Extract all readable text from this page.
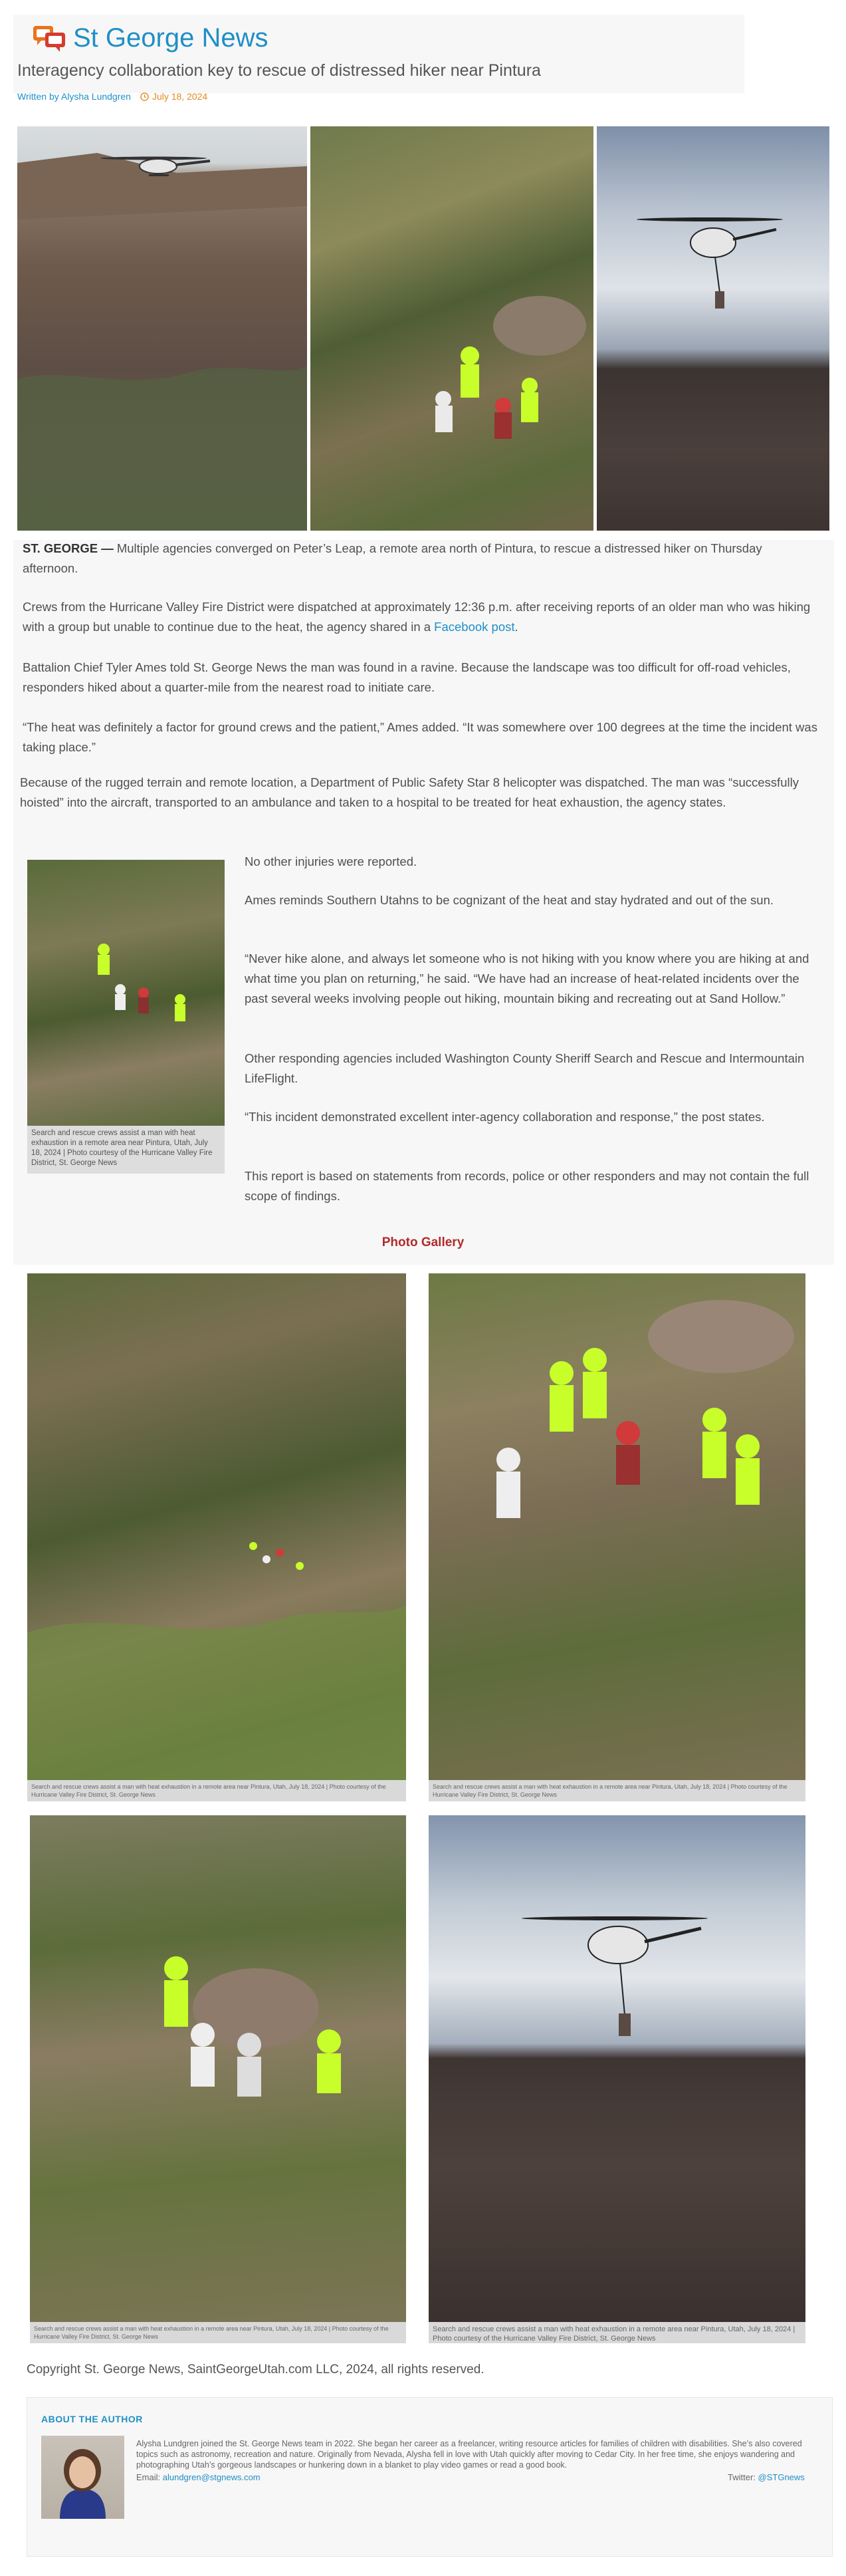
St George News
Interagency collaboration key to rescue of distressed hiker near Pintura
Written by Alysha Lundgren July 18, 2024
ST. GEORGE — Multiple agencies converged on Peter’s Leap, a remote area north of Pintura, to rescue a distressed hiker on Thursday afternoon.
Crews from the Hurricane Valley Fire District were dispatched at approximately 12:36 p.m. after receiving reports of an older man who was hiking with a group but unable to continue due to the heat, the agency shared in a Facebook post.
Battalion Chief Tyler Ames told St. George News the man was found in a ravine. Because the landscape was too difficult for off-road vehicles, responders hiked about a quarter-mile from the nearest road to initiate care.
“The heat was definitely a factor for ground crews and the patient,” Ames added. “It was somewhere over 100 degrees at the time the incident was taking place.”
Because of the rugged terrain and remote location, a Department of Public Safety Star 8 helicopter was dispatched. The man was “successfully hoisted” into the aircraft, transported to an ambulance and taken to a hospital to be treated for heat exhaustion, the agency states.
Search and rescue crews assist a man with heat exhaustion in a remote area near Pintura, Utah, July 18, 2024 | Photo courtesy of the Hurricane Valley Fire District, St. George News
No other injuries were reported.
Ames reminds Southern Utahns to be cognizant of the heat and stay hydrated and out of the sun.
“Never hike alone, and always let someone who is not hiking with you know where you are hiking at and what time you plan on returning,” he said. “We have had an increase of heat-related incidents over the past several weeks involving people out hiking, mountain biking and recreating out at Sand Hollow.”
Other responding agencies included Washington County Sheriff Search and Rescue and Intermountain LifeFlight.
“This incident demonstrated excellent inter-agency collaboration and response,” the post states.
This report is based on statements from records, police or other responders and may not contain the full scope of findings.
Photo Gallery
Search and rescue crews assist a man with heat exhaustion in a remote area near Pintura, Utah, July 18, 2024 | Photo courtesy of the Hurricane Valley Fire District, St. George News
Search and rescue crews assist a man with heat exhaustion in a remote area near Pintura, Utah, July 18, 2024 | Photo courtesy of the Hurricane Valley Fire District, St. George News
Search and rescue crews assist a man with heat exhaustion in a remote area near Pintura, Utah, July 18, 2024 | Photo courtesy of the Hurricane Valley Fire District, St. George News
Search and rescue crews assist a man with heat exhaustion in a remote area near Pintura, Utah, July 18, 2024 | Photo courtesy of the Hurricane Valley Fire District, St. George News
Copyright St. George News, SaintGeorgeUtah.com LLC, 2024, all rights reserved.
ABOUT THE AUTHOR
Alysha Lundgren joined the St. George News team in 2022. She began her career as a freelancer, writing resource articles for families of children with disabilities. She’s also covered topics such as astronomy, recreation and nature. Originally from Nevada, Alysha fell in love with Utah quickly after moving to Cedar City. In her free time, she enjoys wandering and photographing Utah’s gorgeous landscapes or hunkering down in a blanket to play video games or read a good book.
Email: alundgren@stgnews.com	Twitter: @STGnews
